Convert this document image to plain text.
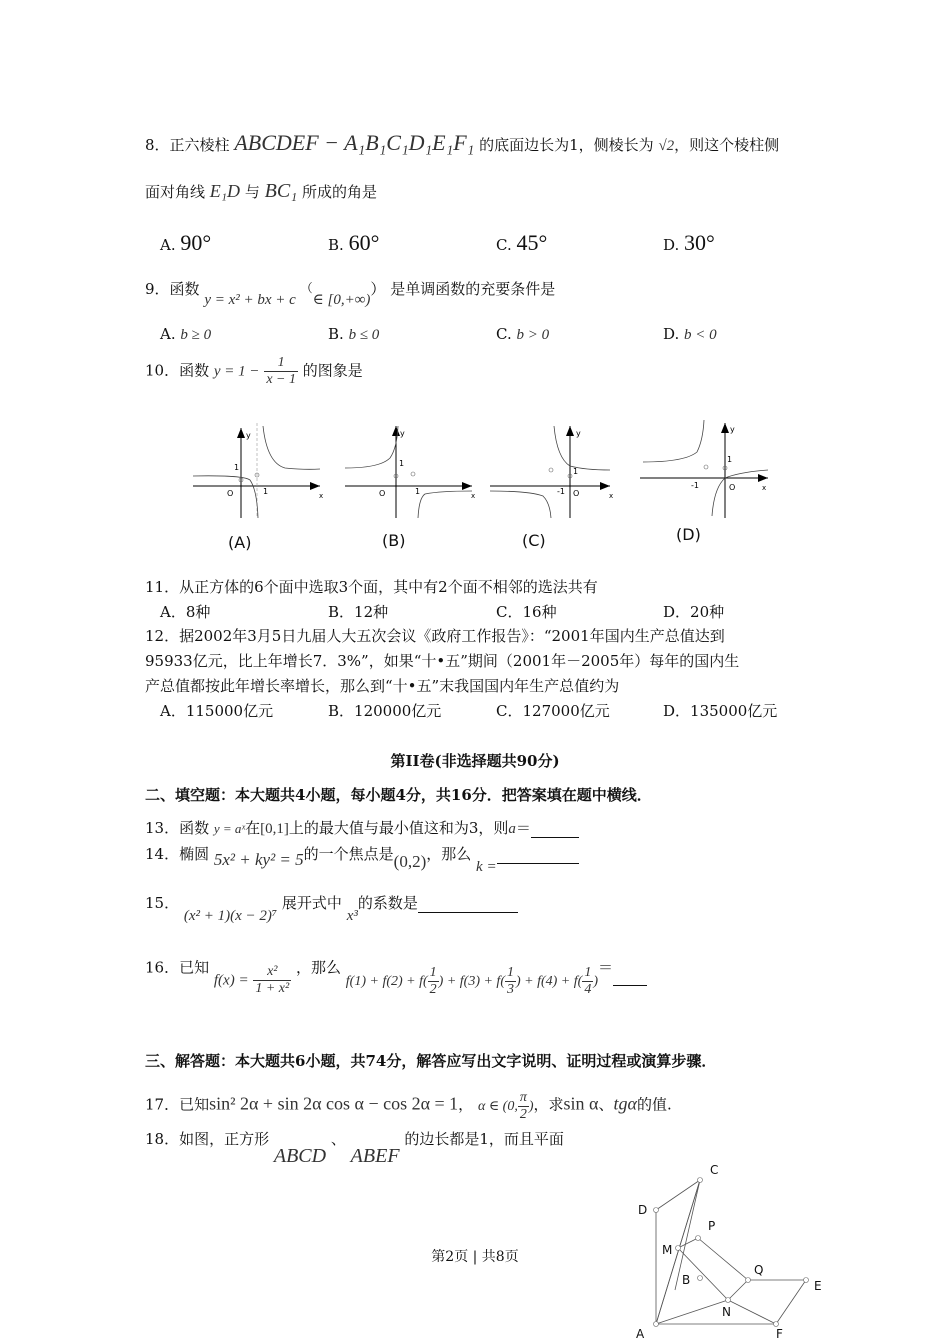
8．正六棱柱 ABCDEF − A₁B₁C₁D₁E₁F₁ 的底面边长为1，侧棱长为 √2，则这个棱柱侧
面对角线 E₁D 与 BC₁ 所成的角是
A. 90°	B. 60°	C. 45°	D. 30°
9．函数 y = x² + bx + c （∈ [0,+∞)） 是单调函数的充要条件是
A. b ≥ 0	B. b ≤ 0	C. b > 0	D. b < 0
10．函数 $y = 1 - \frac{1}{x - 1}$ 的图象是
y
x
O
1
1
y
x
O
1
1
y
x
O
1
-1
y
x
O
1
-1
(A)	(B)	(C)	(D)
11．从正方体的6个面中选取3个面，其中有2个面不相邻的选法共有
A．8种	B．12种	C．16种	D．20种
12．据2002年3月5日九届人大五次会议《政府工作报告》：“2001年国内生产总值达到
95933亿元，比上年增长7．3%”，如果“十•五”期间（2001年－2005年）每年的国内生
产总值都按此年增长率增长，那么到“十•五”末我国国内年生产总值约为
A．115000亿元	B．120000亿元	C．127000亿元	D．135000亿元
第II卷(非选择题共90分)
二、填空题：本大题共4小题，每小题4分，共16分．把答案填在题中横线．
13．函数 y = aˣ在[0,1]上的最大值与最小值这和为3，则a＝
14．椭圆 5x² + ky² = 5的一个焦点是(0,2)，那么 k =
15． (x² + 1)(x − 2)⁷ 展开式中 x³的系数是
16．已知 $f(x) = \frac{\text{x²}}{\text{1 + x²}}$ ，那么 $f(1) + f(2) + f( \frac{1}{2}$ ) + $f(3) + f( \frac{1}{3}$ ) + $f(4) + f( \frac{1}{4}$ )＝
三、解答题：本大题共6小题，共74分，解答应写出文字说明、证明过程或演算步骤．
17．已知sin² 2α + sin 2α cos α − cos 2α = 1， α ∈ (0, $\frac{\pi}{2}$ )，求sin α、tgα的值.
18．如图，正方形 ABCD 、 ABEF 的边长都是1，而且平面
C
D
P
M
B
Q
E
N
A	F
第2页 | 共8页
